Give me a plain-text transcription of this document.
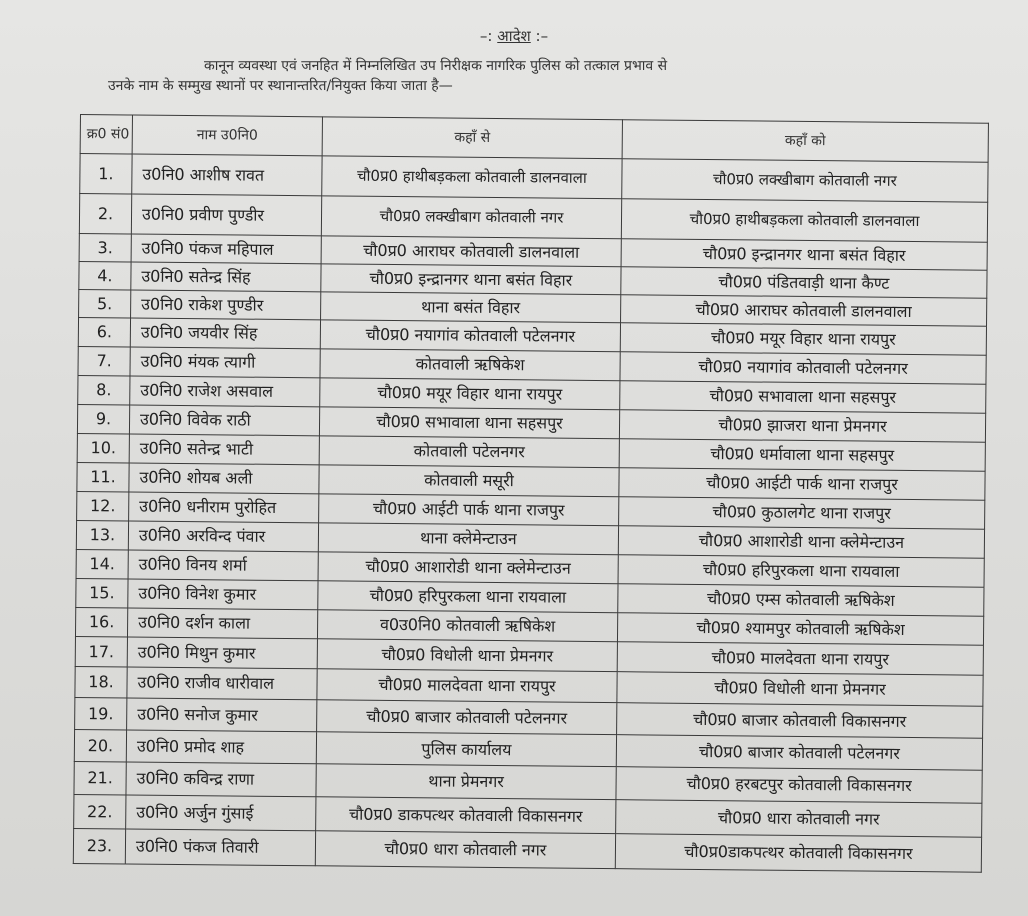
–: आदेश :–
कानून व्यवस्था एवं जनहित में निम्नलिखित उप निरीक्षक नागरिक पुलिस को तत्काल प्रभाव से
उनके नाम के सम्मुख स्थानों पर स्थानान्तरित/नियुक्त किया जाता है—
क्र0 सं0	नाम उ0नि0	कहाँ से	कहाँ को
1.	उ0नि0 आशीष रावत	चौ0प्र0 हाथीबड़कला कोतवाली डालनवाला	चौ0प्र0 लक्खीबाग कोतवाली नगर
2.	उ0नि0 प्रवीण पुण्डीर	चौ0प्र0 लक्खीबाग कोतवाली नगर	चौ0प्र0 हाथीबड़कला कोतवाली डालनवाला
3.	उ0नि0 पंकज महिपाल	चौ0प्र0 आराघर कोतवाली डालनवाला	चौ0प्र0 इन्द्रानगर थाना बसंत विहार
4.	उ0नि0 सतेन्द्र सिंह	चौ0प्र0 इन्द्रानगर थाना बसंत विहार	चौ0प्र0 पंडितवाड़ी थाना कैण्ट
5.	उ0नि0 राकेश पुण्डीर	थाना बसंत विहार	चौ0प्र0 आराघर कोतवाली डालनवाला
6.	उ0नि0 जयवीर सिंह	चौ0प्र0 नयागांव कोतवाली पटेलनगर	चौ0प्र0 मयूर विहार थाना रायपुर
7.	उ0नि0 मंयक त्यागी	कोतवाली ऋषिकेश	चौ0प्र0 नयागांव कोतवाली पटेलनगर
8.	उ0नि0 राजेश असवाल	चौ0प्र0 मयूर विहार थाना रायपुर	चौ0प्र0 सभावाला थाना सहसपुर
9.	उ0नि0 विवेक राठी	चौ0प्र0 सभावाला थाना सहसपुर	चौ0प्र0 झाजरा थाना प्रेमनगर
10.	उ0नि0 सतेन्द्र भाटी	कोतवाली पटेलनगर	चौ0प्र0 धर्मावाला थाना सहसपुर
11.	उ0नि0 शोयब अली	कोतवाली मसूरी	चौ0प्र0 आईटी पार्क थाना राजपुर
12.	उ0नि0 धनीराम पुरोहित	चौ0प्र0 आईटी पार्क थाना राजपुर	चौ0प्र0 कुठालगेट थाना राजपुर
13.	उ0नि0 अरविन्द पंवार	थाना क्लेमेन्टाउन	चौ0प्र0 आशारोडी थाना क्लेमेन्टाउन
14.	उ0नि0 विनय शर्मा	चौ0प्र0 आशारोडी थाना क्लेमेन्टाउन	चौ0प्र0 हरिपुरकला थाना रायवाला
15.	उ0नि0 विनेश कुमार	चौ0प्र0 हरिपुरकला थाना रायवाला	चौ0प्र0 एम्स कोतवाली ऋषिकेश
16.	उ0नि0 दर्शन काला	व0उ0नि0 कोतवाली ऋषिकेश	चौ0प्र0 श्यामपुर कोतवाली ऋषिकेश
17.	उ0नि0 मिथुन कुमार	चौ0प्र0 विधोली थाना प्रेमनगर	चौ0प्र0 मालदेवता थाना रायपुर
18.	उ0नि0 राजीव धारीवाल	चौ0प्र0 मालदेवता थाना रायपुर	चौ0प्र0 विधोली थाना प्रेमनगर
19.	उ0नि0 सनोज कुमार	चौ0प्र0 बाजार कोतवाली पटेलनगर	चौ0प्र0 बाजार कोतवाली विकासनगर
20.	उ0नि0 प्रमोद शाह	पुलिस कार्यालय	चौ0प्र0 बाजार कोतवाली पटेलनगर
21.	उ0नि0 कविन्द्र राणा	थाना प्रेमनगर	चौ0प्र0 हरबटपुर कोतवाली विकासनगर
22.	उ0नि0 अर्जुन गुंसाई	चौ0प्र0 डाकपत्थर कोतवाली विकासनगर	चौ0प्र0 धारा कोतवाली नगर
23.	उ0नि0 पंकज तिवारी	चौ0प्र0 धारा कोतवाली नगर	चौ0प्र0डाकपत्थर कोतवाली विकासनगर
